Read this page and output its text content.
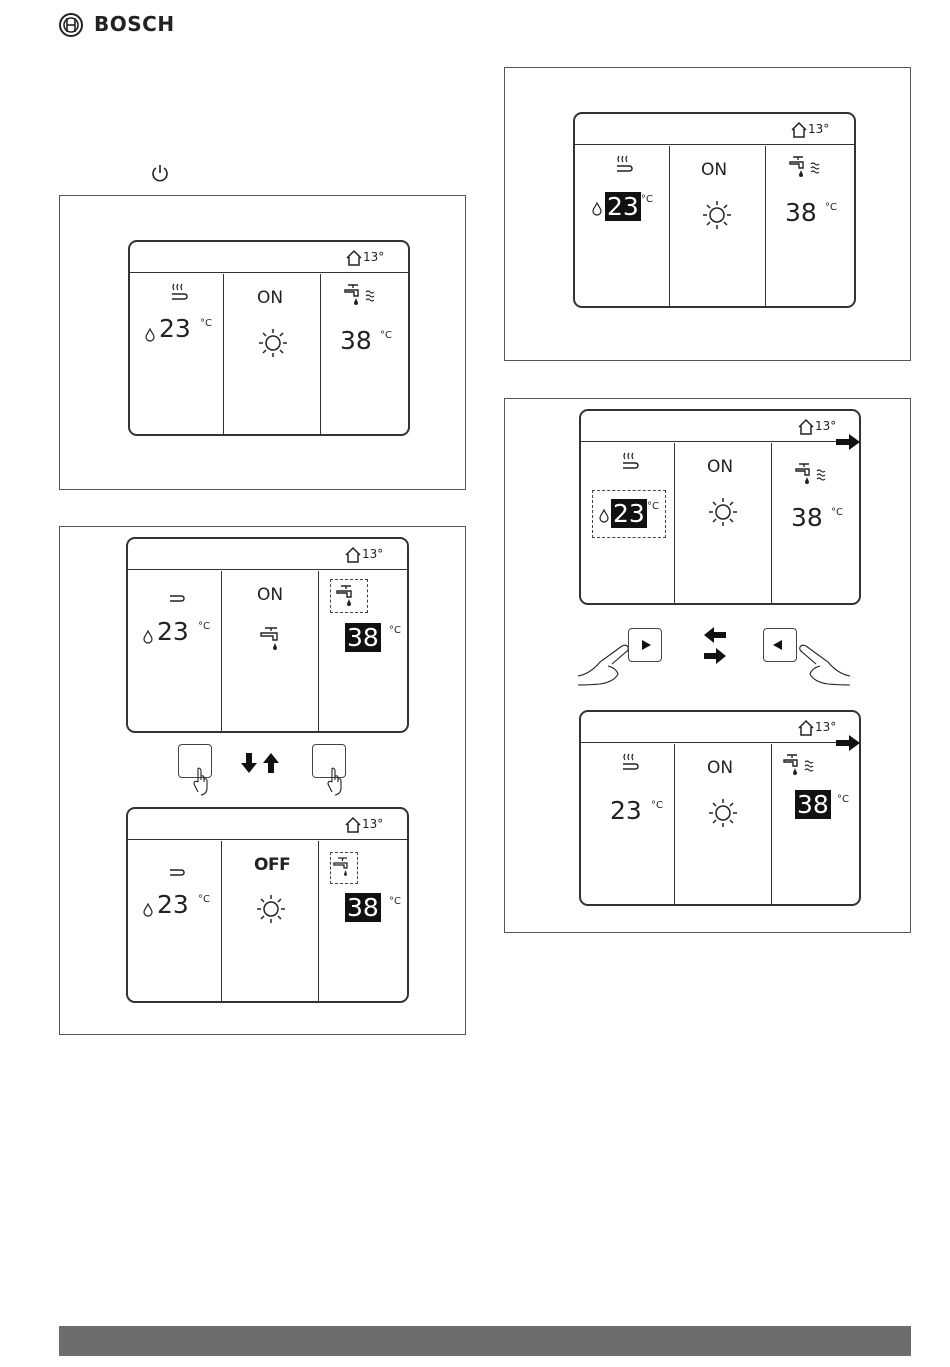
BOSCH
13°
23 °C
ON
38 °C
13°
23 °C
ON
38 °C
13°
23 °C
ON
38 °C
13°
23 °C
OFF
38 °C
13°
23 °C
ON
38 °C
13°
23 °C
ON
38 °C
